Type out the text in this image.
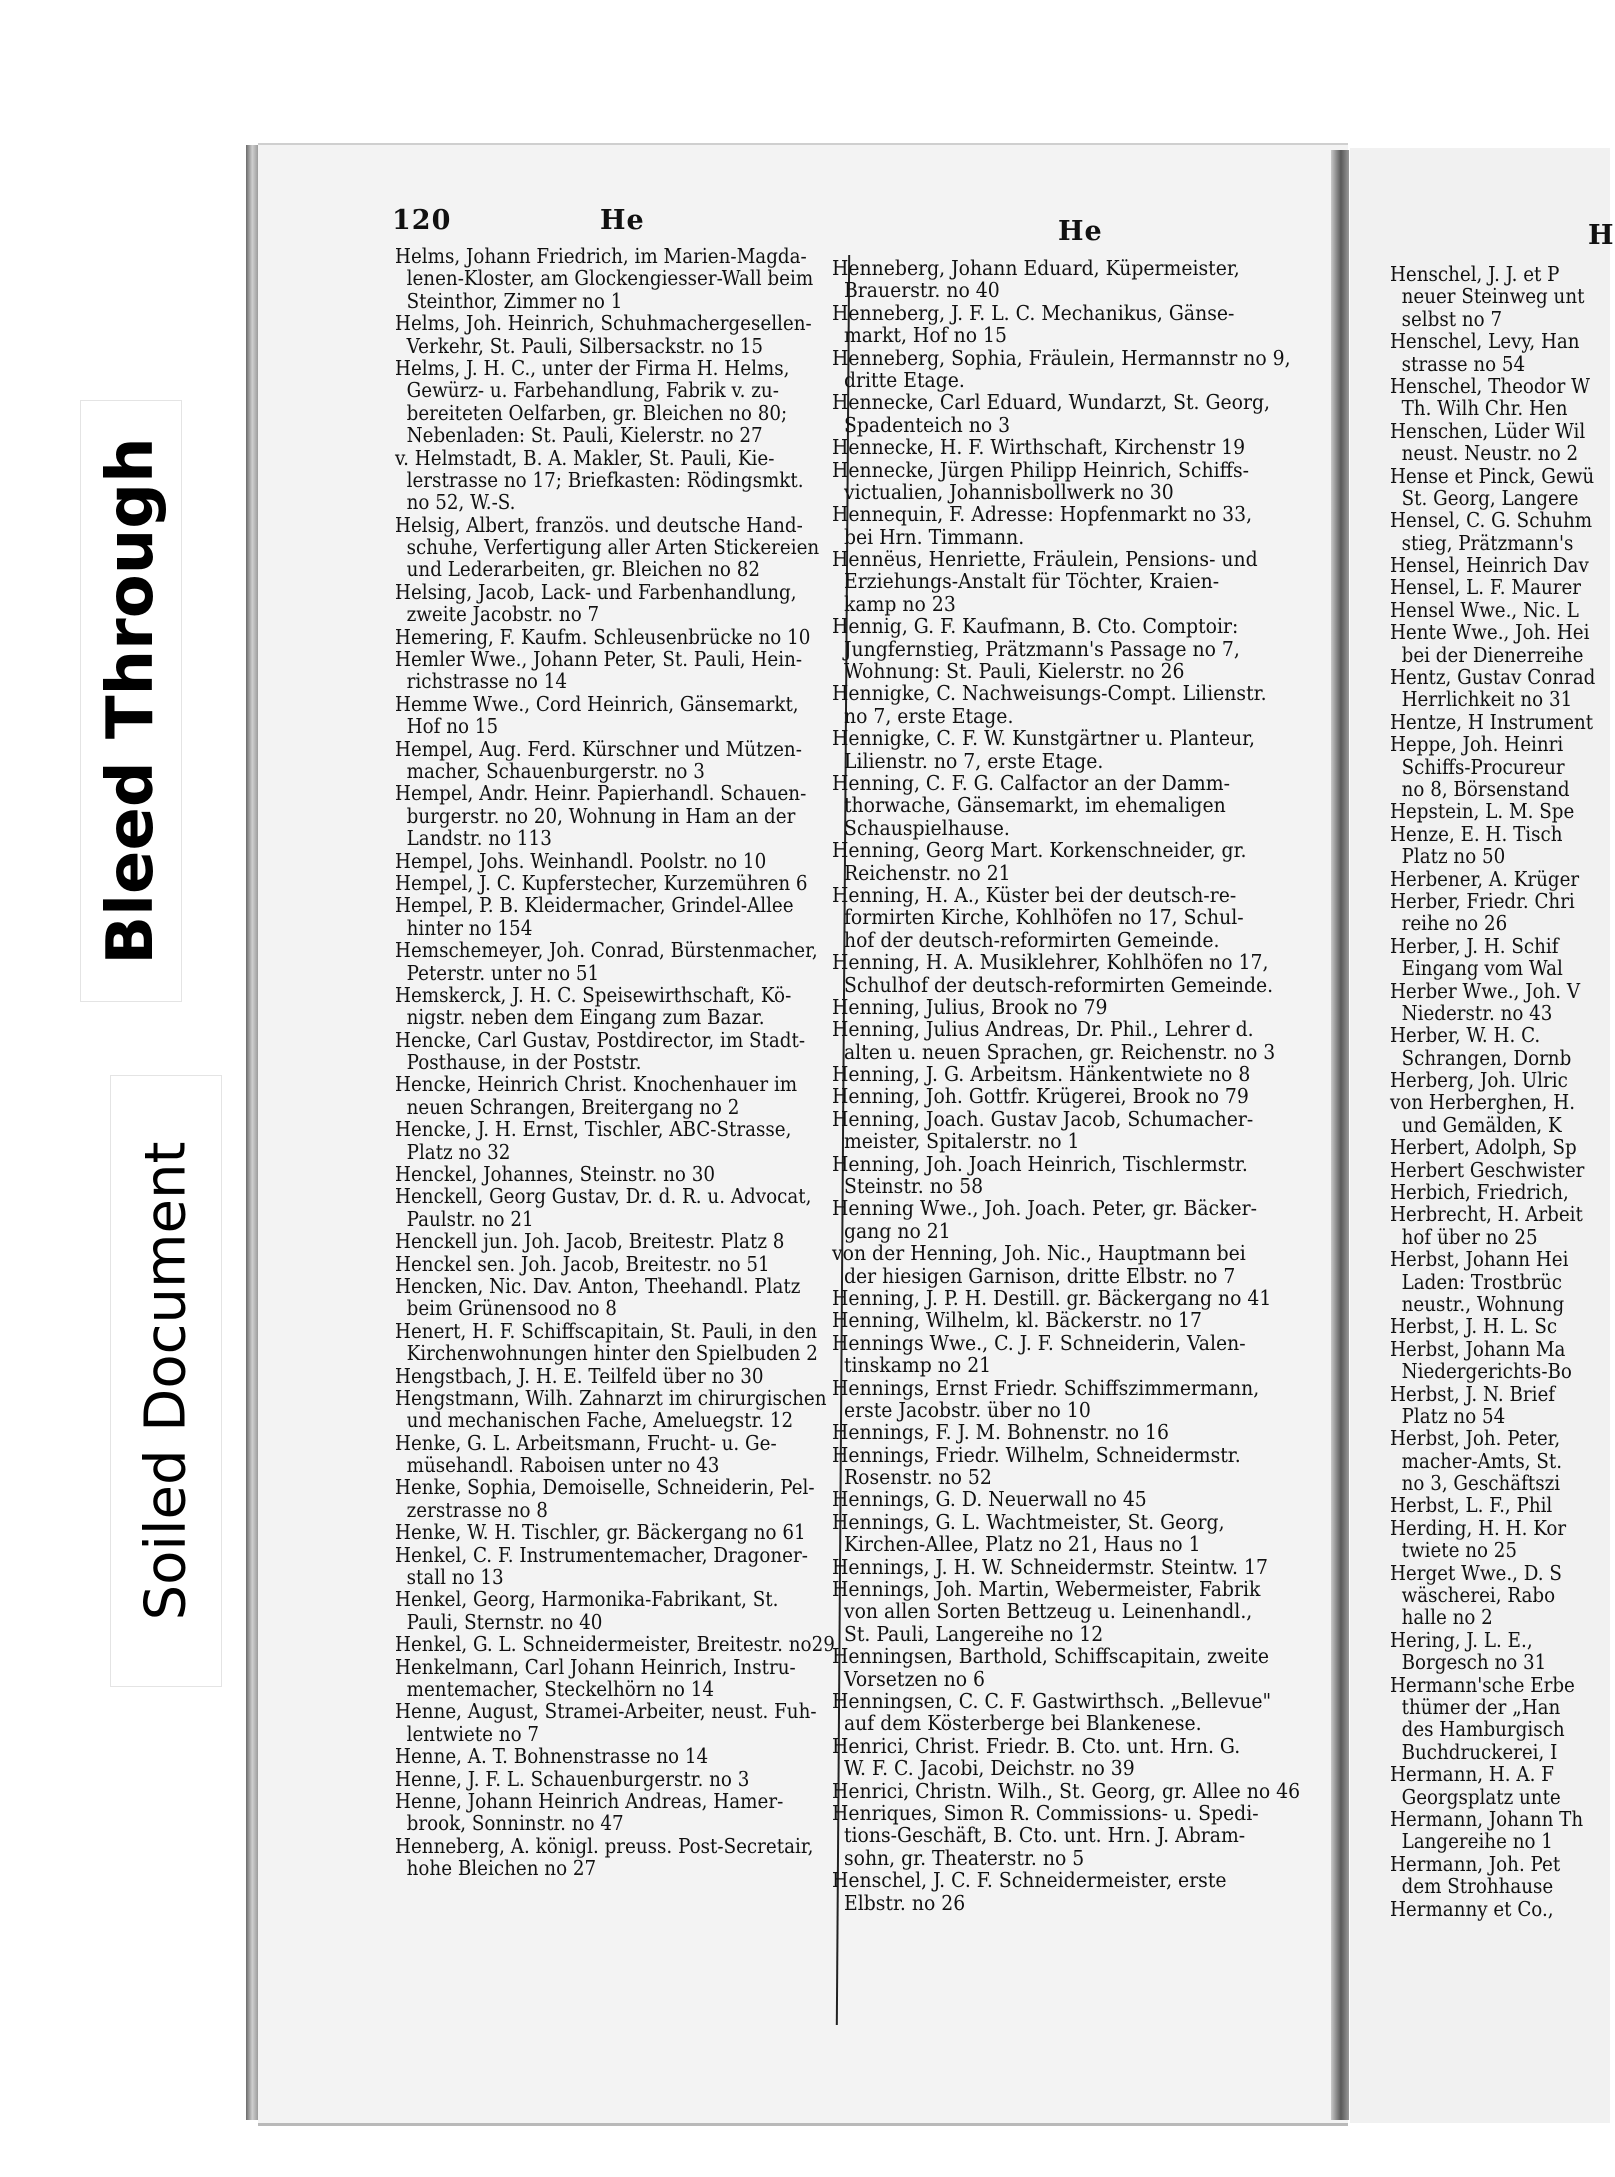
Bleed Through
Soiled Document
120	He	He	H
Helms, Johann Friedrich, im Marien-Magda-
lenen-Kloster, am Glockengiesser-Wall beim
Steinthor, Zimmer no 1
Helms, Joh. Heinrich, Schuhmachergesellen-
Verkehr, St. Pauli, Silbersackstr. no 15
Helms, J. H. C., unter der Firma H. Helms,
Gewürz- u. Farbehandlung, Fabrik v. zu-
bereiteten Oelfarben, gr. Bleichen no 80;
Nebenladen: St. Pauli, Kielerstr. no 27
v. Helmstadt, B. A. Makler, St. Pauli, Kie-
lerstrasse no 17; Briefkasten: Rödingsmkt.
no 52, W.-S.
Helsig, Albert, französ. und deutsche Hand-
schuhe, Verfertigung aller Arten Stickereien
und Lederarbeiten, gr. Bleichen no 82
Helsing, Jacob, Lack- und Farbenhandlung,
zweite Jacobstr. no 7
Hemering, F. Kaufm. Schleusenbrücke no 10
Hemler Wwe., Johann Peter, St. Pauli, Hein-
richstrasse no 14
Hemme Wwe., Cord Heinrich, Gänsemarkt,
Hof no 15
Hempel, Aug. Ferd. Kürschner und Mützen-
macher, Schauenburgerstr. no 3
Hempel, Andr. Heinr. Papierhandl. Schauen-
burgerstr. no 20, Wohnung in Ham an der
Landstr. no 113
Hempel, Johs. Weinhandl. Poolstr. no 10
Hempel, J. C. Kupferstecher, Kurzemühren 6
Hempel, P. B. Kleidermacher, Grindel-Allee
hinter no 154
Hemschemeyer, Joh. Conrad, Bürstenmacher,
Peterstr. unter no 51
Hemskerck, J. H. C. Speisewirthschaft, Kö-
nigstr. neben dem Eingang zum Bazar.
Hencke, Carl Gustav, Postdirector, im Stadt-
Posthause, in der Poststr.
Hencke, Heinrich Christ. Knochenhauer im
neuen Schrangen, Breitergang no 2
Hencke, J. H. Ernst, Tischler, ABC-Strasse,
Platz no 32
Henckel, Johannes, Steinstr. no 30
Henckell, Georg Gustav, Dr. d. R. u. Advocat,
Paulstr. no 21
Henckell jun. Joh. Jacob, Breitestr. Platz 8
Henckel sen. Joh. Jacob, Breitestr. no 51
Hencken, Nic. Dav. Anton, Theehandl. Platz
beim Grünensood no 8
Henert, H. F. Schiffscapitain, St. Pauli, in den
Kirchenwohnungen hinter den Spielbuden 2
Hengstbach, J. H. E. Teilfeld über no 30
Hengstmann, Wilh. Zahnarzt im chirurgischen
und mechanischen Fache, Ameluegstr. 12
Henke, G. L. Arbeitsmann, Frucht- u. Ge-
müsehandl. Raboisen unter no 43
Henke, Sophia, Demoiselle, Schneiderin, Pel-
zerstrasse no 8
Henke, W. H. Tischler, gr. Bäckergang no 61
Henkel, C. F. Instrumentemacher, Dragoner-
stall no 13
Henkel, Georg, Harmonika-Fabrikant, St.
Pauli, Sternstr. no 40
Henkel, G. L. Schneidermeister, Breitestr. no29
Henkelmann, Carl Johann Heinrich, Instru-
mentemacher, Steckelhörn no 14
Henne, August, Stramei-Arbeiter, neust. Fuh-
lentwiete no 7
Henne, A. T. Bohnenstrasse no 14
Henne, J. F. L. Schauenburgerstr. no 3
Henne, Johann Heinrich Andreas, Hamer-
brook, Sonninstr. no 47
Henneberg, A. königl. preuss. Post-Secretair,
hohe Bleichen no 27
Henneberg, Johann Eduard, Küpermeister,
Brauerstr. no 40
Henneberg, J. F. L. C. Mechanikus, Gänse-
markt, Hof no 15
Henneberg, Sophia, Fräulein, Hermannstr no 9,
dritte Etage.
Hennecke, Carl Eduard, Wundarzt, St. Georg,
Spadenteich no 3
Hennecke, H. F. Wirthschaft, Kirchenstr 19
Hennecke, Jürgen Philipp Heinrich, Schiffs-
victualien, Johannisbollwerk no 30
Hennequin, F. Adresse: Hopfenmarkt no 33,
bei Hrn. Timmann.
Hennëus, Henriette, Fräulein, Pensions- und
Erziehungs-Anstalt für Töchter, Kraien-
kamp no 23
Hennig, G. F. Kaufmann, B. Cto. Comptoir:
Jungfernstieg, Prätzmann's Passage no 7,
Wohnung: St. Pauli, Kielerstr. no 26
Hennigke, C. Nachweisungs-Compt. Lilienstr.
no 7, erste Etage.
Hennigke, C. F. W. Kunstgärtner u. Planteur,
Lilienstr. no 7, erste Etage.
Henning, C. F. G. Calfactor an der Damm-
thorwache, Gänsemarkt, im ehemaligen
Schauspielhause.
Henning, Georg Mart. Korkenschneider, gr.
Reichenstr. no 21
Henning, H. A., Küster bei der deutsch-re-
formirten Kirche, Kohlhöfen no 17, Schul-
hof der deutsch-reformirten Gemeinde.
Henning, H. A. Musiklehrer, Kohlhöfen no 17,
Schulhof der deutsch-reformirten Gemeinde.
Henning, Julius, Brook no 79
Henning, Julius Andreas, Dr. Phil., Lehrer d.
alten u. neuen Sprachen, gr. Reichenstr. no 3
Henning, J. G. Arbeitsm. Hänkentwiete no 8
Henning, Joh. Gottfr. Krügerei, Brook no 79
Henning, Joach. Gustav Jacob, Schumacher-
meister, Spitalerstr. no 1
Henning, Joh. Joach Heinrich, Tischlermstr.
Steinstr. no 58
Henning Wwe., Joh. Joach. Peter, gr. Bäcker-
gang no 21
von der Henning, Joh. Nic., Hauptmann bei
der hiesigen Garnison, dritte Elbstr. no 7
Henning, J. P. H. Destill. gr. Bäckergang no 41
Henning, Wilhelm, kl. Bäckerstr. no 17
Hennings Wwe., C. J. F. Schneiderin, Valen-
tinskamp no 21
Hennings, Ernst Friedr. Schiffszimmermann,
erste Jacobstr. über no 10
Hennings, F. J. M. Bohnenstr. no 16
Hennings, Friedr. Wilhelm, Schneidermstr.
Rosenstr. no 52
Hennings, G. D. Neuerwall no 45
Hennings, G. L. Wachtmeister, St. Georg,
Kirchen-Allee, Platz no 21, Haus no 1
Hennings, J. H. W. Schneidermstr. Steintw. 17
Hennings, Joh. Martin, Webermeister, Fabrik
von allen Sorten Bettzeug u. Leinenhandl.,
St. Pauli, Langereihe no 12
Henningsen, Barthold, Schiffscapitain, zweite
Vorsetzen no 6
Henningsen, C. C. F. Gastwirthsch. „Bellevue"
auf dem Kösterberge bei Blankenese.
Henrici, Christ. Friedr. B. Cto. unt. Hrn. G.
W. F. C. Jacobi, Deichstr. no 39
Henrici, Christn. Wilh., St. Georg, gr. Allee no 46
Henriques, Simon R. Commissions- u. Spedi-
tions-Geschäft, B. Cto. unt. Hrn. J. Abram-
sohn, gr. Theaterstr. no 5
Henschel, J. C. F. Schneidermeister, erste
Elbstr. no 26
Henschel, J. J. et P
neuer Steinweg unt
selbst no 7
Henschel, Levy, Han
strasse no 54
Henschel, Theodor W
Th. Wilh Chr. Hen
Henschen, Lüder Wil
neust. Neustr. no 2
Hense et Pinck, Gewü
St. Georg, Langere
Hensel, C. G. Schuhm
stieg, Prätzmann's
Hensel, Heinrich Dav
Hensel, L. F. Maurer
Hensel Wwe., Nic. L
Hente Wwe., Joh. Hei
bei der Dienerreihe
Hentz, Gustav Conrad
Herrlichkeit no 31
Hentze, H Instrument
Heppe, Joh. Heinri
Schiffs-Procureur
no 8, Börsenstand
Hepstein, L. M. Spe
Henze, E. H. Tisch
Platz no 50
Herbener, A. Krüger
Herber, Friedr. Chri
reihe no 26
Herber, J. H. Schif
Eingang vom Wal
Herber Wwe., Joh. V
Niederstr. no 43
Herber, W. H. C.
Schrangen, Dornb
Herberg, Joh. Ulric
von Herberghen, H.
und Gemälden, K
Herbert, Adolph, Sp
Herbert Geschwister
Herbich, Friedrich,
Herbrecht, H. Arbeit
hof über no 25
Herbst, Johann Hei
Laden: Trostbrüc
neustr., Wohnung
Herbst, J. H. L. Sc
Herbst, Johann Ma
Niedergerichts-Bo
Herbst, J. N. Brief
Platz no 54
Herbst, Joh. Peter,
macher-Amts, St.
no 3, Geschäftszi
Herbst, L. F., Phil
Herding, H. H. Kor
twiete no 25
Herget Wwe., D. S
wäscherei, Rabo
halle no 2
Hering, J. L. E.,
Borgesch no 31
Hermann'sche Erbe
thümer der „Han
des Hamburgisch
Buchdruckerei, I
Hermann, H. A. F
Georgsplatz unte
Hermann, Johann Th
Langereihe no 1
Hermann, Joh. Pet
dem Strohhause
Hermanny et Co.,
